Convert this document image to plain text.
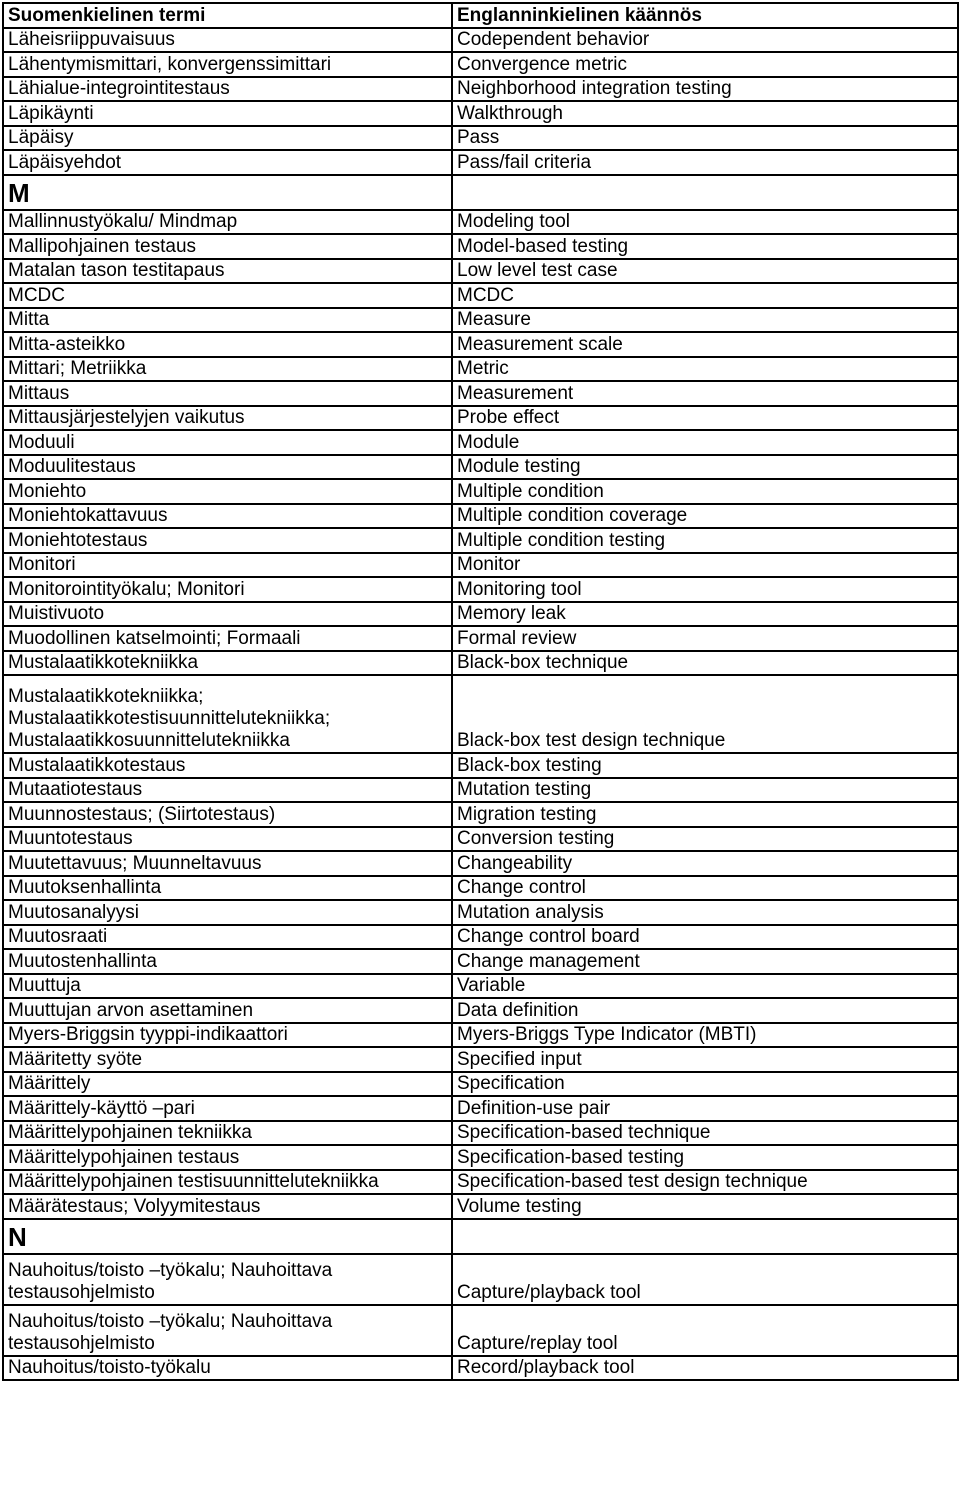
Suomenkielinen termi	Englanninkielinen käännös
Läheisriippuvaisuus	Codependent behavior
Lähentymismittari, konvergenssimittari	Convergence metric
Lähialue-integrointitestaus	Neighborhood integration testing
Läpikäynti	Walkthrough
Läpäisy	Pass
Läpäisyehdot	Pass/fail criteria
M	
Mallinnustyökalu/ Mindmap	Modeling tool
Mallipohjainen testaus	Model-based testing
Matalan tason testitapaus	Low level test case
MCDC	MCDC
Mitta	Measure
Mitta-asteikko	Measurement scale
Mittari; Metriikka	Metric
Mittaus	Measurement
Mittausjärjestelyjen vaikutus	Probe effect
Moduuli	Module
Moduulitestaus	Module testing
Moniehto	Multiple condition
Moniehtokattavuus	Multiple condition coverage
Moniehtotestaus	Multiple condition testing
Monitori	Monitor
Monitorointityökalu; Monitori	Monitoring tool
Muistivuoto	Memory leak
Muodollinen katselmointi; Formaali	Formal review
Mustalaatikkotekniikka	Black-box technique
Mustalaatikkotekniikka;
Mustalaatikkotestisuunnittelutekniikka;
Mustalaatikkosuunnittelutekniikka	Black-box test design technique
Mustalaatikkotestaus	Black-box testing
Mutaatiotestaus	Mutation testing
Muunnostestaus; (Siirtotestaus)	Migration testing
Muuntotestaus	Conversion testing
Muutettavuus; Muunneltavuus	Changeability
Muutoksenhallinta	Change control
Muutosanalyysi	Mutation analysis
Muutosraati	Change control board
Muutostenhallinta	Change management
Muuttuja	Variable
Muuttujan arvon asettaminen	Data definition
Myers-Briggsin tyyppi-indikaattori	Myers-Briggs Type Indicator (MBTI)
Määritetty syöte	Specified input
Määrittely	Specification
Määrittely-käyttö –pari	Definition-use pair
Määrittelypohjainen tekniikka	Specification-based technique
Määrittelypohjainen testaus	Specification-based testing
Määrittelypohjainen testisuunnittelutekniikka	Specification-based test design technique
Määrätestaus; Volyymitestaus	Volume testing
N	
Nauhoitus/toisto –työkalu; Nauhoittava
testausohjelmisto	Capture/playback tool
Nauhoitus/toisto –työkalu; Nauhoittava
testausohjelmisto	Capture/replay tool
Nauhoitus/toisto-työkalu	Record/playback tool
